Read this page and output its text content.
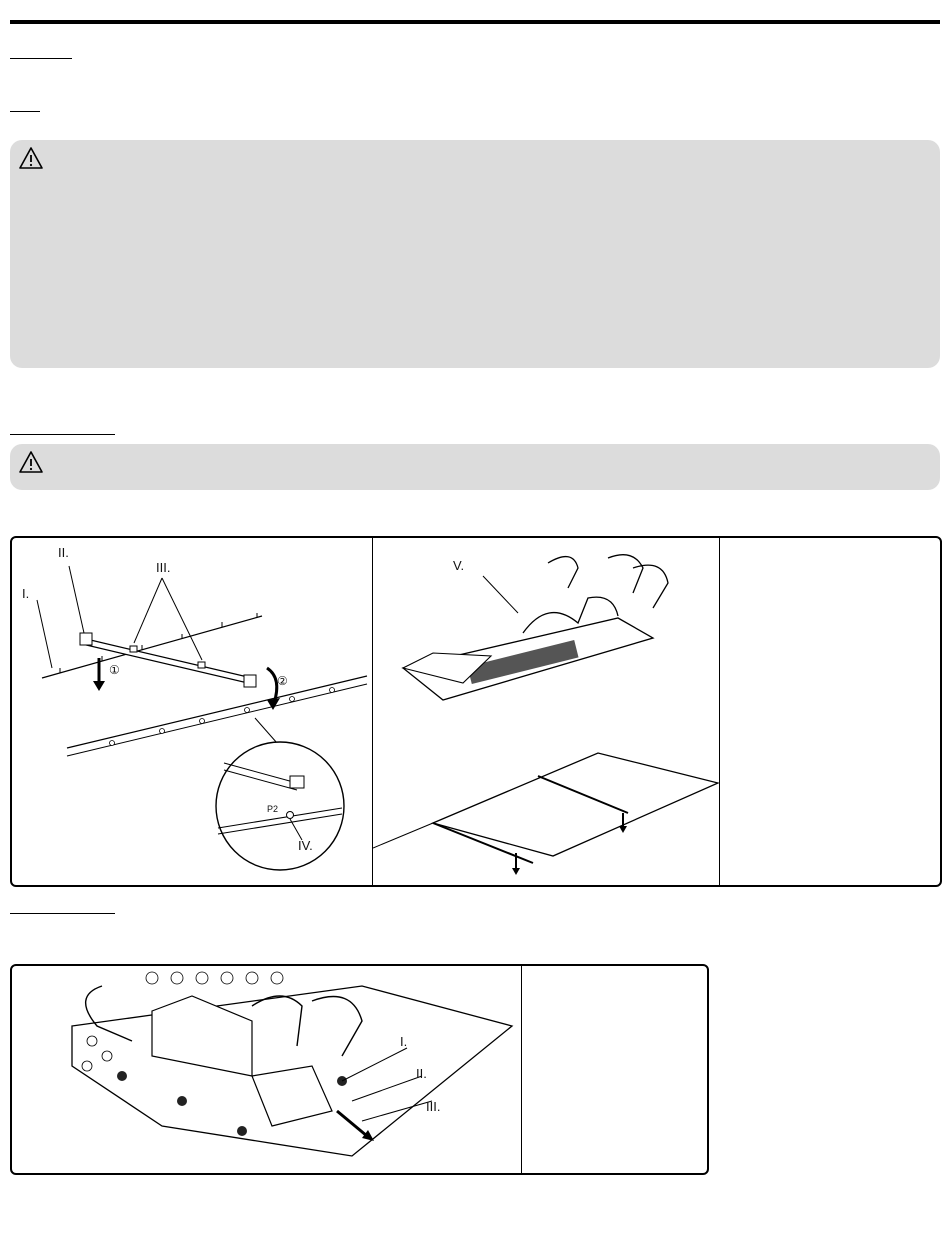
I.
II.
III.
IV.
①
②
P2
V.
I.
II.
III.
